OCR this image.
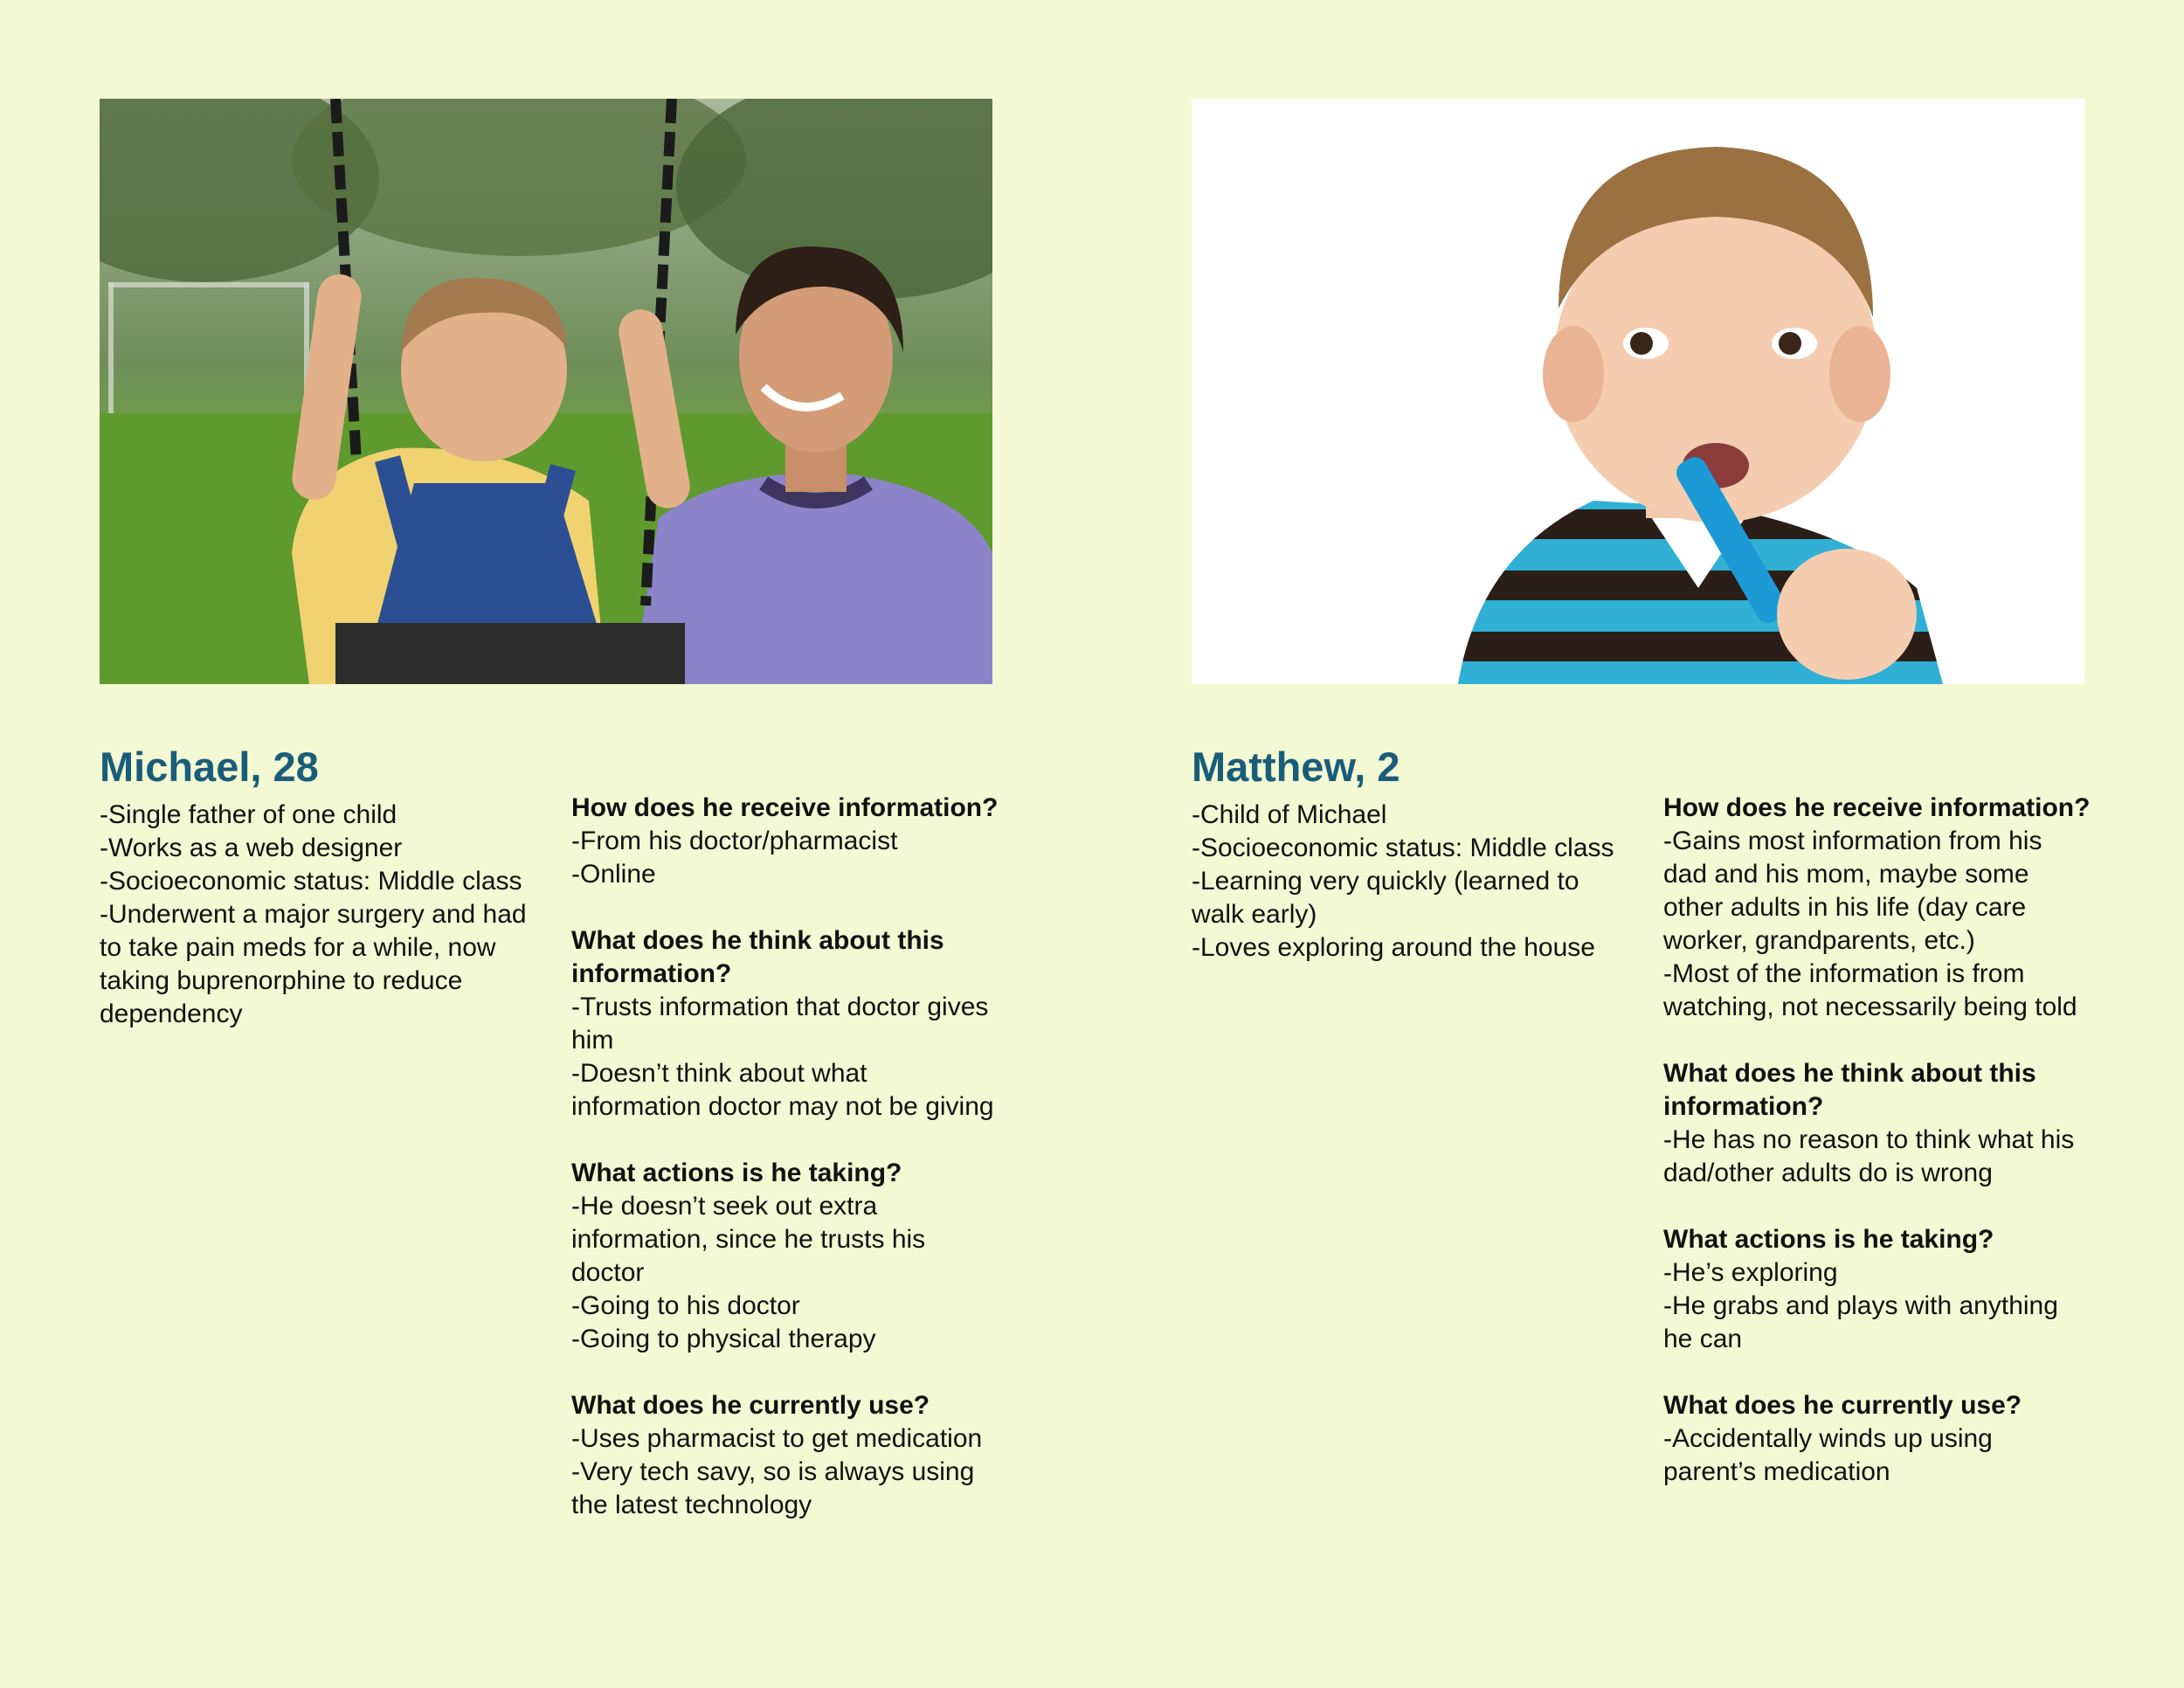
Michael, 28

-Single father of one child

-Works as a web designer

-Socioeconomic status: Middle class

-Underwent a major surgery and had to take pain meds for a while, now taking buprenorphine to reduce dependency

How does he receive information?

-From his doctor/pharmacist

-Online

What does he think about this information?

-Trusts information that doctor gives him

-Doesn’t think about what information doctor may not be giving

What actions is he taking?

-He doesn’t seek out extra information, since he trusts his doctor

-Going to his doctor

-Going to physical therapy

What does he currently use?

-Uses pharmacist to get medication

-Very tech savy, so is always using the latest technology

Matthew, 2

-Child of Michael

-Socioeconomic status: Middle class

-Learning very quickly (learned to walk early)

-Loves exploring around the house

How does he receive information?

-Gains most information from his dad and his mom, maybe some other adults in his life (day care worker, grandparents, etc.)

-Most of the information is from watching, not necessarily being told

What does he think about this information?

-He has no reason to think what his dad/other adults do is wrong

What actions is he taking?

-He’s exploring

-He grabs and plays with anything he can

What does he currently use?

-Accidentally winds up using parent’s medication
